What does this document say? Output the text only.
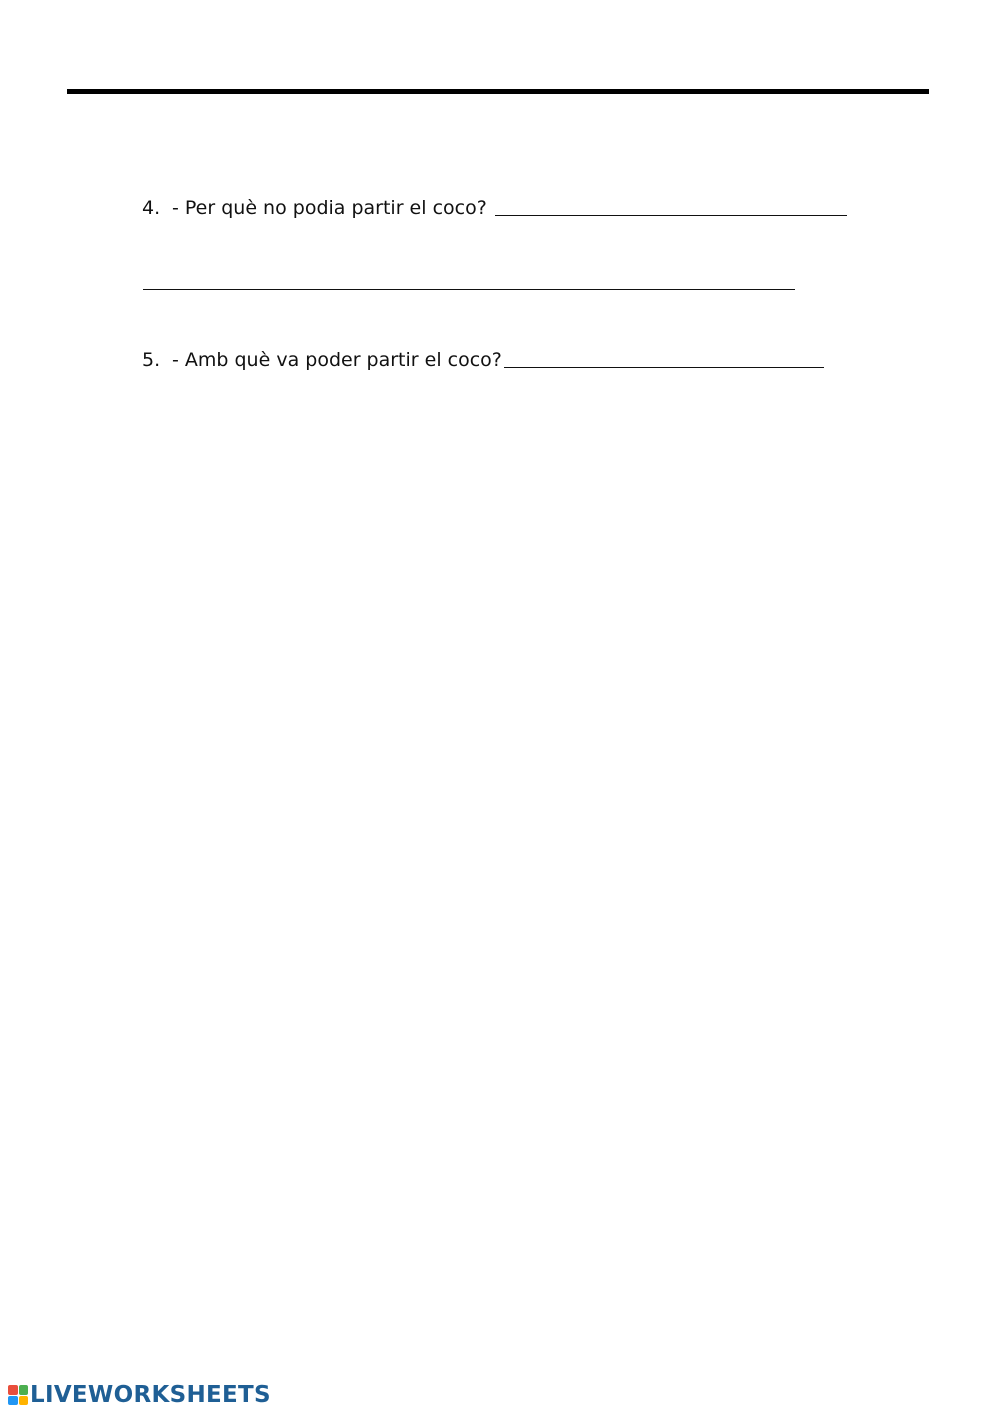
4. - Per què no podia partir el coco?
5. - Amb què va poder partir el coco?
LIVEWORKSHEETS
